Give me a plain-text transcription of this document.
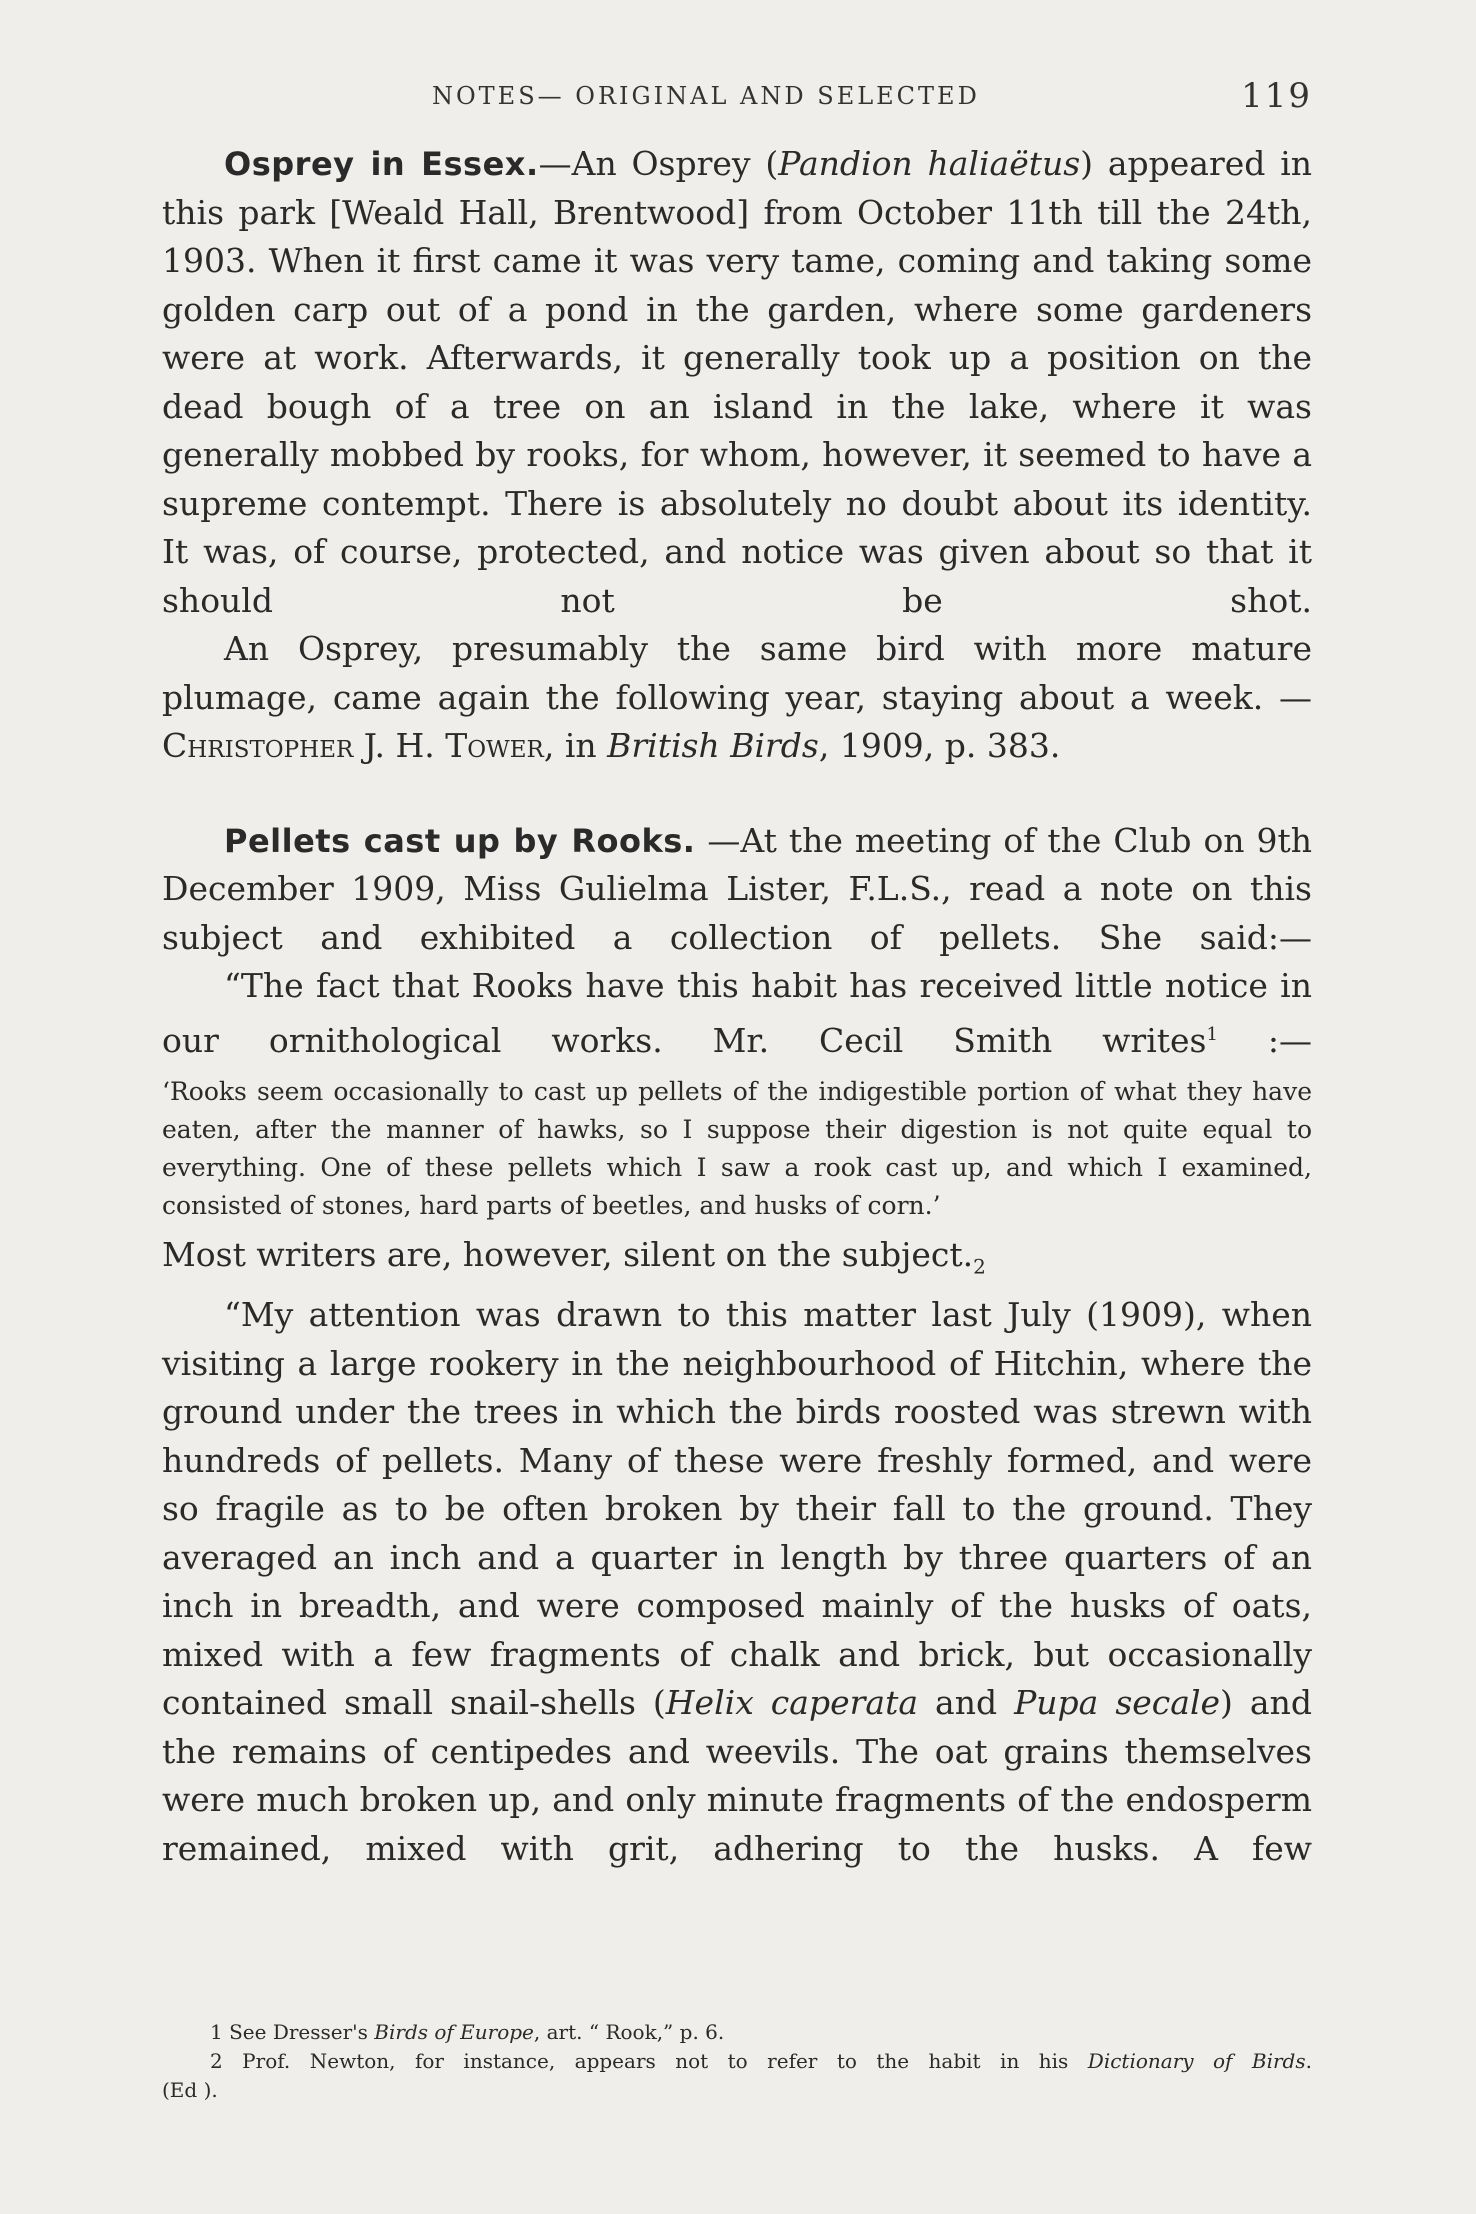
NOTES— ORIGINAL AND SELECTED	119

Osprey in Essex.—An Osprey (Pandion haliaëtus) appeared in this park [Weald Hall, Brentwood] from October 11th till the 24th, 1903. When it first came it was very tame, coming and taking some golden carp out of a pond in the garden, where some gardeners were at work. Afterwards, it generally took up a position on the dead bough of a tree on an island in the lake, where it was generally mobbed by rooks, for whom, however, it seemed to have a supreme contempt. There is absolutely no doubt about its identity. It was, of course, protected, and notice was given about so that it should not be shot.

An Osprey, presumably the same bird with more mature plumage, came again the following year, staying about a week. —Christopher J. H. Tower, in British Birds, 1909, p. 383.

Pellets cast up by Rooks. —At the meeting of the Club on 9th December 1909, Miss Gulielma Lister, F.L.S., read a note on this subject and exhibited a collection of pellets. She said:—

“The fact that Rooks have this habit has received little notice in our ornithological works. Mr. Cecil Smith writes$^1$ :—

‘Rooks seem occasionally to cast up pellets of the indigestible portion of what they have eaten, after the manner of hawks, so I suppose their digestion is not quite equal to everything. One of these pellets which I saw a rook cast up, and which I examined, consisted of stones, hard parts of beetles, and husks of corn.’

Most writers are, however, silent on the $subject._2$

“My attention was drawn to this matter last July (1909), when visiting a large rookery in the neighbourhood of Hitchin, where the ground under the trees in which the birds roosted was strewn with hundreds of pellets. Many of these were freshly formed, and were so fragile as to be often broken by their fall to the ground. They averaged an inch and a quarter in length by three quarters of an inch in breadth, and were composed mainly of the husks of oats, mixed with a few fragments of chalk and brick, but occasionally contained small snail-shells (Helix caperata and Pupa secale) and the remains of centipedes and weevils. The oat grains themselves were much broken up, and only minute fragments of the endosperm remained, mixed with grit, adhering to the husks. A few

1 See Dresser's Birds of Europe, art. “ Rook,” p. 6.
2 Prof. Newton, for instance, appears not to refer to the habit in his Dictionary of Birds.
(Ed ).
